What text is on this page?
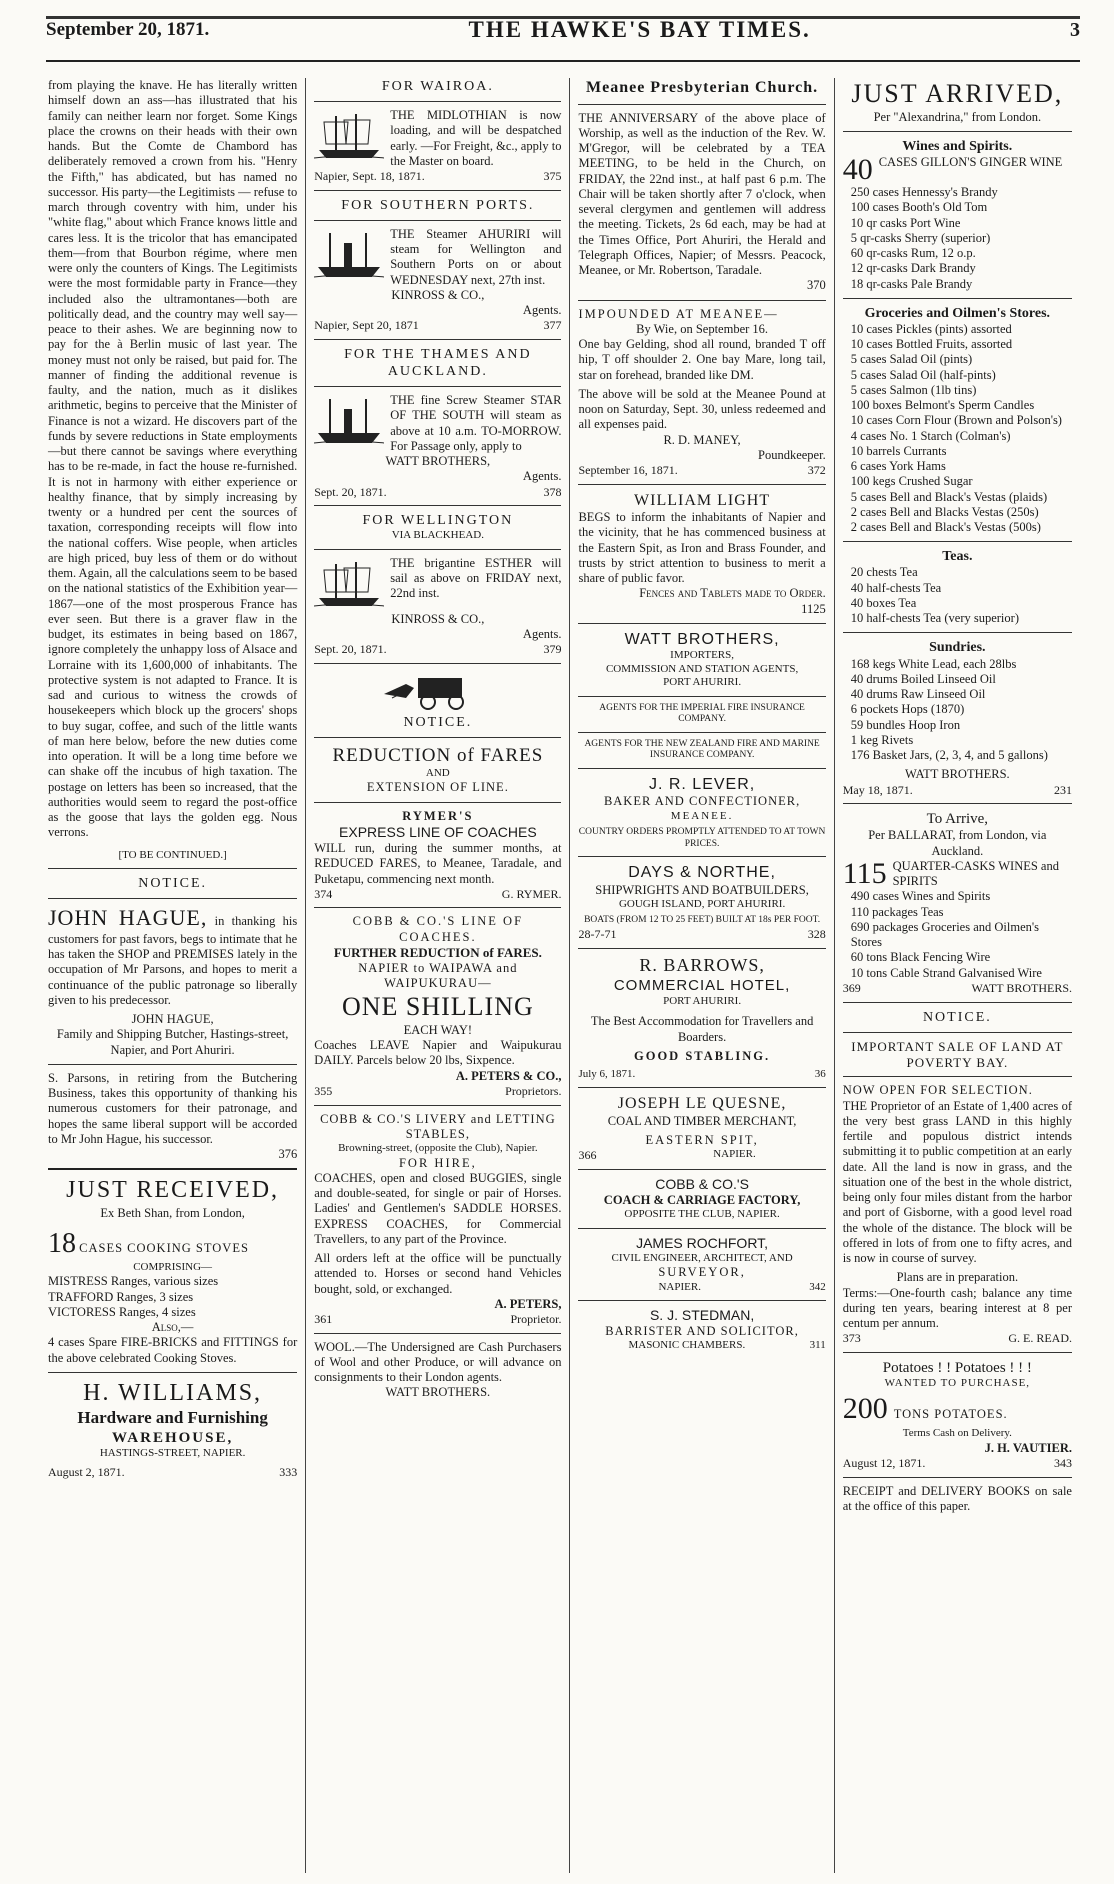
September 20, 1871.	THE HAWKE'S BAY TIMES.	3

from playing the knave. He has literally written himself down an ass—has illustrated that his family can neither learn nor forget. Some Kings place the crowns on their heads with their own hands. But the Comte de Chambord has deliberately removed a crown from his. "Henry the Fifth," has abdicated, but has named no successor. His party—the Legitimists — refuse to march through coventry with him, under his "white flag," about which France knows little and cares less. It is the tricolor that has emancipated them—from that Bourbon régime, where men were only the counters of Kings. The Legitimists were the most formidable party in France—they included also the ultramontanes—both are politically dead, and the country may well say—peace to their ashes. We are beginning now to pay for the à Berlin music of last year. The money must not only be raised, but paid for. The manner of finding the additional revenue is faulty, and the nation, much as it dislikes arithmetic, begins to perceive that the Minister of Finance is not a wizard. He discovers part of the funds by severe reductions in State employments—but there cannot be savings where everything has to be re-made, in fact the house re-furnished. It is not in harmony with either experience or healthy finance, that by simply increasing by twenty or a hundred per cent the sources of taxation, corresponding receipts will flow into the national coffers. Wise people, when articles are high priced, buy less of them or do without them. Again, all the calculations seem to be based on the national statistics of the Exhibition year—1867—one of the most prosperous France has ever seen. But there is a graver flaw in the budget, its estimates in being based on 1867, ignore completely the unhappy loss of Alsace and Lorraine with its 1,600,000 of inhabitants. The protective system is not adapted to France. It is sad and curious to witness the crowds of housekeepers which block up the grocers' shops to buy sugar, coffee, and such of the little wants of man here below, before the new duties come into operation. It will be a long time before we can shake off the incubus of high taxation. The postage on letters has been so increased, that the authorities would seem to regard the post-office as the goose that lays the golden egg. Nous verrons.

[TO BE CONTINUED.]

NOTICE.

JOHN HAGUE, in thanking his customers for past favors, begs to intimate that he has taken the SHOP and PREMISES lately in the occupation of Mr Parsons, and hopes to merit a continuance of the public patronage so liberally given to his predecessor.

JOHN HAGUE,

Family and Shipping Butcher, Hastings-street, Napier, and Port Ahuriri.

S. Parsons, in retiring from the Butchering Business, takes this opportunity of thanking his numerous customers for their patronage, and hopes the same liberal support will be accorded to Mr John Hague, his successor.

376

JUST RECEIVED,

Ex Beth Shan, from London,

18 CASES COOKING STOVES

COMPRISING—

MISTRESS Ranges, various sizes

TRAFFORD Ranges, 3 sizes

VICTORESS Ranges, 4 sizes

Also,—

4 cases Spare FIRE-BRICKS and FITTINGS for the above celebrated Cooking Stoves.

H. WILLIAMS,

Hardware and Furnishing

WAREHOUSE,

HASTINGS-STREET, NAPIER.

August 2, 1871.	333

FOR WAIROA.

THE MIDLOTHIAN is now loading, and will be despatched early. —For Freight, &c., apply to the Master on board.

Napier, Sept. 18, 1871.	375

FOR SOUTHERN PORTS.

THE Steamer AHURIRI will steam for Wellington and Southern Ports on or about WEDNESDAY next, 27th inst.

KINROSS & CO.,

Agents.

Napier, Sept 20, 1871	377

FOR THE THAMES AND AUCKLAND.

THE fine Screw Steamer STAR OF THE SOUTH will steam as above at 10 a.m. TO-MORROW. For Passage only, apply to

WATT BROTHERS,

Agents.

Sept. 20, 1871.	378

FOR WELLINGTON

VIA BLACKHEAD.

THE brigantine ESTHER will sail as above on FRIDAY next, 22nd inst.

KINROSS & CO.,

Agents.

Sept. 20, 1871.	379

NOTICE.

REDUCTION of FARES

AND

EXTENSION OF LINE.

RYMER'S

EXPRESS LINE OF COACHES

WILL run, during the summer months, at REDUCED FARES, to Meanee, Taradale, and Puketapu, commencing next month.

374	G. RYMER.

COBB & CO.'S LINE OF COACHES.

FURTHER REDUCTION of FARES.

NAPIER to WAIPAWA and WAIPUKURAU—

ONE SHILLING

EACH WAY!

Coaches LEAVE Napier and Waipukurau DAILY. Parcels below 20 lbs, Sixpence.

A. PETERS & CO.,

355	Proprietors.

COBB & CO.'S LIVERY and LETTING STABLES,

Browning-street, (opposite the Club), Napier.

FOR HIRE,

COACHES, open and closed BUGGIES, single and double-seated, for single or pair of Horses. Ladies' and Gentlemen's SADDLE HORSES. EXPRESS COACHES, for Commercial Travellers, to any part of the Province.

All orders left at the office will be punctually attended to. Horses or second hand Vehicles bought, sold, or exchanged.

A. PETERS,

361	Proprietor.

WOOL.—The Undersigned are Cash Purchasers of Wool and other Produce, or will advance on consignments to their London agents.

WATT BROTHERS.

Meanee Presbyterian Church.

THE ANNIVERSARY of the above place of Worship, as well as the induction of the Rev. W. M'Gregor, will be celebrated by a TEA MEETING, to be held in the Church, on FRIDAY, the 22nd inst., at half past 6 p.m. The Chair will be taken shortly after 7 o'clock, when several clergymen and gentlemen will address the meeting. Tickets, 2s 6d each, may be had at the Times Office, Port Ahuriri, the Herald and Telegraph Offices, Napier; of Messrs. Peacock, Meanee, or Mr. Robertson, Taradale.

370

IMPOUNDED AT MEANEE—

By Wie, on September 16.

One bay Gelding, shod all round, branded T off hip, T off shoulder 2. One bay Mare, long tail, star on forehead, branded like DM.

The above will be sold at the Meanee Pound at noon on Saturday, Sept. 30, unless redeemed and all expenses paid.

R. D. MANEY,

Poundkeeper.

September 16, 1871.	372

WILLIAM LIGHT

BEGS to inform the inhabitants of Napier and the vicinity, that he has commenced business at the Eastern Spit, as Iron and Brass Founder, and trusts by strict attention to business to merit a share of public favor.

Fences and Tablets made to Order.

1125

WATT BROTHERS,

IMPORTERS,

COMMISSION AND STATION AGENTS,

PORT AHURIRI.

AGENTS FOR THE IMPERIAL FIRE INSURANCE COMPANY.

AGENTS FOR THE NEW ZEALAND FIRE AND MARINE INSURANCE COMPANY.

J. R. LEVER,

BAKER AND CONFECTIONER,

MEANEE.

COUNTRY ORDERS PROMPTLY ATTENDED TO AT TOWN PRICES.

DAYS & NORTHE,

SHIPWRIGHTS AND BOATBUILDERS,

GOUGH ISLAND, PORT AHURIRI.

BOATS (FROM 12 TO 25 FEET) BUILT AT 18s PER FOOT.

28-7-71	328

R. BARROWS,

COMMERCIAL HOTEL,

PORT AHURIRI.

The Best Accommodation for Travellers and Boarders.

GOOD STABLING.

July 6, 1871.	36

JOSEPH LE QUESNE,

COAL AND TIMBER MERCHANT,

EASTERN SPIT,

366	NAPIER.

COBB & CO.'S

COACH & CARRIAGE FACTORY,

OPPOSITE THE CLUB, NAPIER.

JAMES ROCHFORT,

CIVIL ENGINEER, ARCHITECT, AND

SURVEYOR,

NAPIER.	342

S. J. STEDMAN,

BARRISTER AND SOLICITOR,

MASONIC CHAMBERS.	311

JUST ARRIVED,

Per "Alexandrina," from London.

Wines and Spirits.

40 CASES GILLON'S GINGER WINE

250 cases Hennessy's Brandy
100 cases Booth's Old Tom
10 qr casks Port Wine
5 qr-casks Sherry (superior)
60 qr-casks Rum, 12 o.p.
12 qr-casks Dark Brandy
18 qr-casks Pale Brandy

Groceries and Oilmen's Stores.

10 cases Pickles (pints) assorted
10 cases Bottled Fruits, assorted
5 cases Salad Oil (pints)
5 cases Salad Oil (half-pints)
5 cases Salmon (1lb tins)
100 boxes Belmont's Sperm Candles
10 cases Corn Flour (Brown and Polson's)
4 cases No. 1 Starch (Colman's)
10 barrels Currants
6 cases York Hams
100 kegs Crushed Sugar
5 cases Bell and Black's Vestas (plaids)
2 cases Bell and Blacks Vestas (250s)
2 cases Bell and Black's Vestas (500s)

Teas.

20 chests Tea
40 half-chests Tea
40 boxes Tea
10 half-chests Tea (very superior)

Sundries.

168 kegs White Lead, each 28lbs
40 drums Boiled Linseed Oil
40 drums Raw Linseed Oil
6 pockets Hops (1870)
59 bundles Hoop Iron
1 keg Rivets
176 Basket Jars, (2, 3, 4, and 5 gallons)

WATT BROTHERS.

May 18, 1871.	231

To Arrive,

Per BALLARAT, from London, via Auckland.

115 QUARTER-CASKS WINES and SPIRITS

490 cases Wines and Spirits
110 packages Teas
690 packages Groceries and Oilmen's Stores
60 tons Black Fencing Wire
10 tons Cable Strand Galvanised Wire
369	WATT BROTHERS.

NOTICE.

IMPORTANT SALE OF LAND AT POVERTY BAY.

NOW OPEN FOR SELECTION.

THE Proprietor of an Estate of 1,400 acres of the very best grass LAND in this highly fertile and populous district intends submitting it to public competition at an early date. All the land is now in grass, and the situation one of the best in the whole district, being only four miles distant from the harbor and port of Gisborne, with a good level road the whole of the distance. The block will be offered in lots of from one to fifty acres, and is now in course of survey.

Plans are in preparation.

Terms:—One-fourth cash; balance any time during ten years, bearing interest at 8 per centum per annum.

373	G. E. READ.

Potatoes ! ! Potatoes ! ! !

WANTED TO PURCHASE,

200 TONS POTATOES.

Terms Cash on Delivery.

J. H. VAUTIER.

August 12, 1871.	343

RECEIPT and DELIVERY BOOKS on sale at the office of this paper.
